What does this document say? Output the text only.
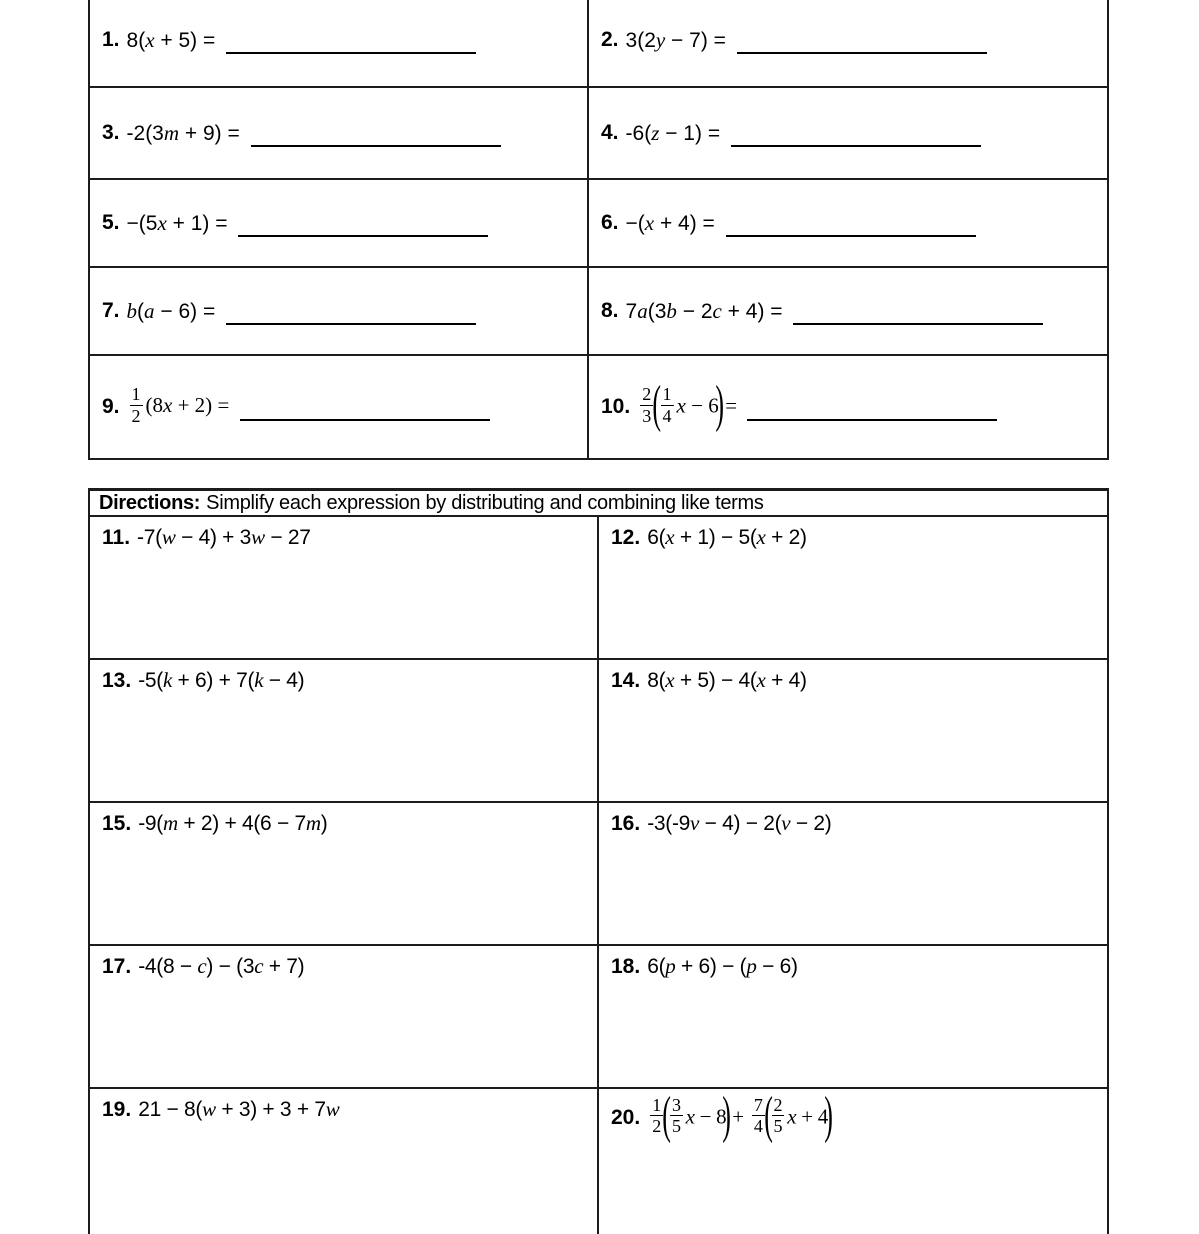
1. 8(x + 5) =	2. 3(2y − 7) =
3. -2(3m + 9) =	4. -6(z − 1) =
5. −(5x + 1) =	6. −(x + 4) =
7. b(a − 6) =	8. 7a(3b − 2c + 4) =
9. $\frac{1}{2} (8x + 2)$ =	10. $\frac{2}{3}$ ( $\frac{1}{4}$ x − 6) =
Directions: Simplify each expression by distributing and combining like terms
11. -7(w − 4) + 3w − 27	12. 6(x + 1) − 5(x + 2)
13. -5(k + 6) + 7(k − 4)	14. 8(x + 5) − 4(x + 4)
15. -9(m + 2) + 4(6 − 7m)	16. -3(-9v − 4) − 2(v − 2)
17. -4(8 − c) − (3c + 7)	18. 6(p + 6) − (p − 6)
19. 21 − 8(w + 3) + 3 + 7w	20. $\frac{1}{2}$ ( $\frac{3}{5}$ $x - 8) + \frac{7}{4}$ ( $\frac{2}{5}$ x + 4)
